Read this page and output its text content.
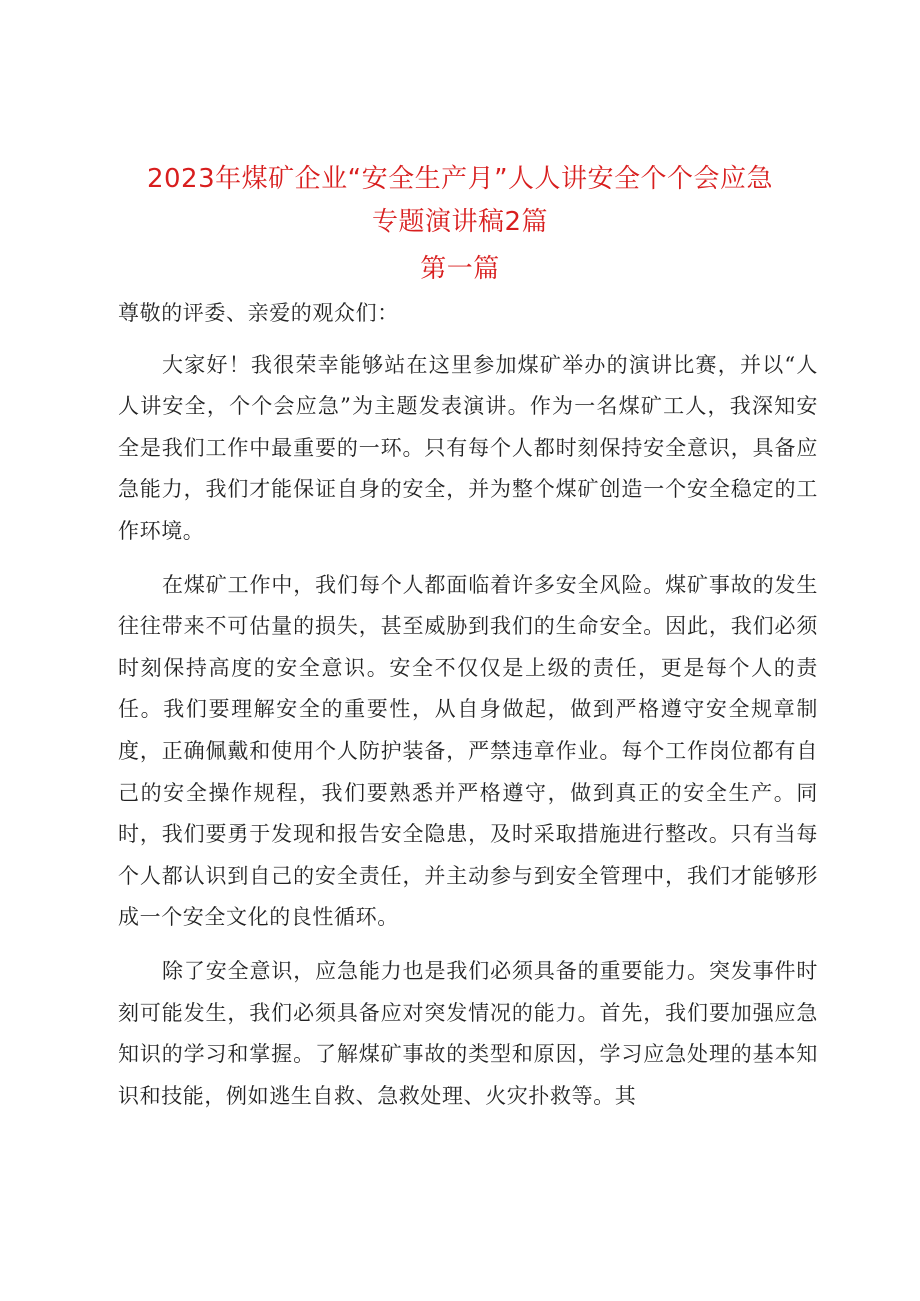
2023年煤矿企业“安全生产月”人人讲安全个个会应急
专题演讲稿2篇
第一篇

尊敬的评委、亲爱的观众们：

大家好！我很荣幸能够站在这里参加煤矿举办的演讲比赛，并以“人人讲安全，个个会应急”为主题发表演讲。作为一名煤矿工人，我深知安全是我们工作中最重要的一环。只有每个人都时刻保持安全意识，具备应急能力，我们才能保证自身的安全，并为整个煤矿创造一个安全稳定的工作环境。

在煤矿工作中，我们每个人都面临着许多安全风险。煤矿事故的发生往往带来不可估量的损失，甚至威胁到我们的生命安全。因此，我们必须时刻保持高度的安全意识。安全不仅仅是上级的责任，更是每个人的责任。我们要理解安全的重要性，从自身做起，做到严格遵守安全规章制度，正确佩戴和使用个人防护装备，严禁违章作业。每个工作岗位都有自己的安全操作规程，我们要熟悉并严格遵守，做到真正的安全生产。同时，我们要勇于发现和报告安全隐患，及时采取措施进行整改。只有当每个人都认识到自己的安全责任，并主动参与到安全管理中，我们才能够形成一个安全文化的良性循环。

除了安全意识，应急能力也是我们必须具备的重要能力。突发事件时刻可能发生，我们必须具备应对突发情况的能力。首先，我们要加强应急知识的学习和掌握。了解煤矿事故的类型和原因，学习应急处理的基本知识和技能，例如逃生自救、急救处理、火灾扑救等。其
